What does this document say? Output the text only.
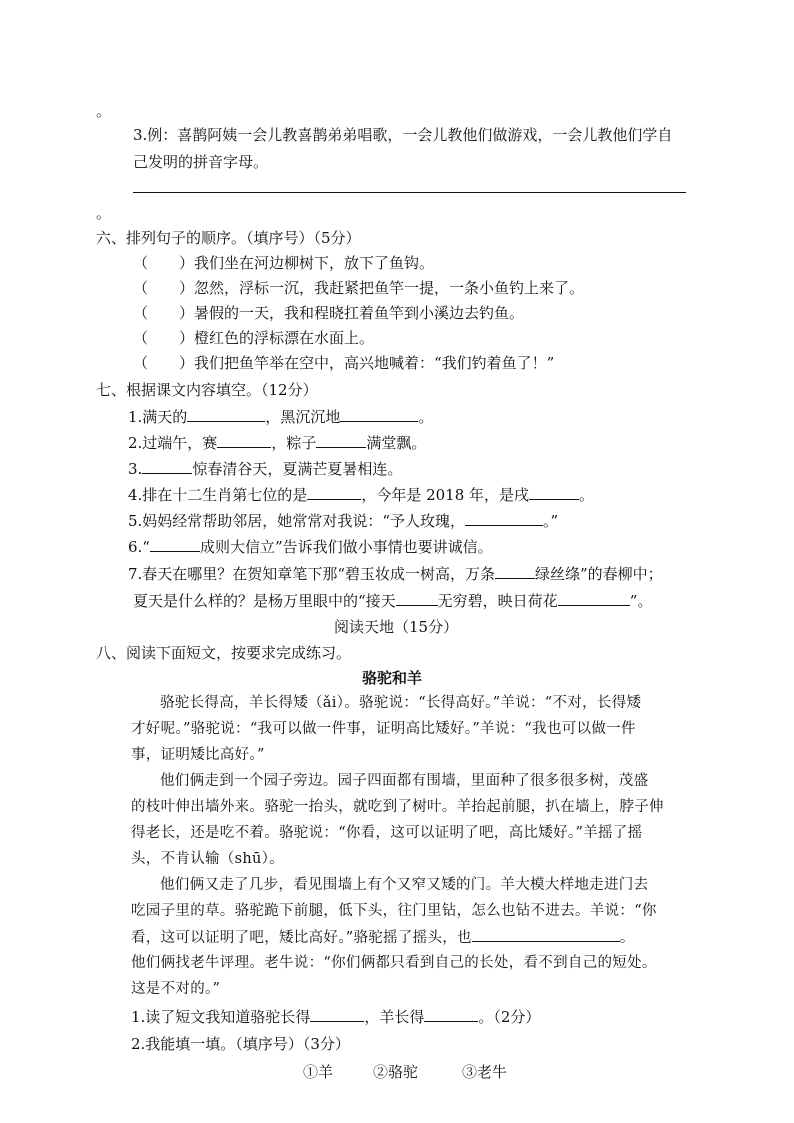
。
3.例：喜鹊阿姨一会儿教喜鹊弟弟唱歌，一会儿教他们做游戏，一会儿教他们学自
己发明的拼音字母。
。
六、排列句子的顺序。（填序号）（5分）
（ ）我们坐在河边柳树下，放下了鱼钩。
（ ）忽然，浮标一沉，我赶紧把鱼竿一提，一条小鱼钓上来了。
（ ）暑假的一天，我和程晓扛着鱼竿到小溪边去钓鱼。
（ ）橙红色的浮标漂在水面上。
（ ）我们把鱼竿举在空中，高兴地喊着：“我们钓着鱼了！”
七、根据课文内容填空。（12分）
1.满天的	，黑沉沉地	。
2.过端午，赛	，粽子	满堂飘。
3.	惊春清谷天，夏满芒夏暑相连。
4.排在十二生肖第七位的是	，今年是 2018 年，是戌	。
5.妈妈经常帮助邻居，她常常对我说：“予人玫瑰，	。”
6.“	成则大信立”告诉我们做小事情也要讲诚信。
7.春天在哪里？在贺知章笔下那“碧玉妆成一树高，万条	绿丝绦”的春柳中；
夏天是什么样的？是杨万里眼中的“接天	无穷碧，映日荷花	”。
阅读天地（15分）
八、阅读下面短文，按要求完成练习。
骆驼和羊
骆驼长得高，羊长得矮（ǎi）。骆驼说：“长得高好。”羊说：“不对，长得矮
才好呢。”骆驼说：“我可以做一件事，证明高比矮好。”羊说：“我也可以做一件
事，证明矮比高好。”
他们俩走到一个园子旁边。园子四面都有围墙，里面种了很多很多树，茂盛
的枝叶伸出墙外来。骆驼一抬头，就吃到了树叶。羊抬起前腿，扒在墙上，脖子伸
得老长，还是吃不着。骆驼说：“你看，这可以证明了吧，高比矮好。”羊摇了摇
头，不肯认输（shū）。
他们俩又走了几步，看见围墙上有个又窄又矮的门。羊大模大样地走进门去
吃园子里的草。骆驼跪下前腿，低下头，往门里钻，怎么也钻不进去。羊说：“你
看，这可以证明了吧，矮比高好。”骆驼摇了摇头，也	。
他们俩找老牛评理。老牛说：“你们俩都只看到自己的长处，看不到自己的短处。
这是不对的。”
1.读了短文我知道骆驼长得	，羊长得	。（2分）
2.我能填一填。（填序号）（3分）
①羊	②骆驼	③老牛
